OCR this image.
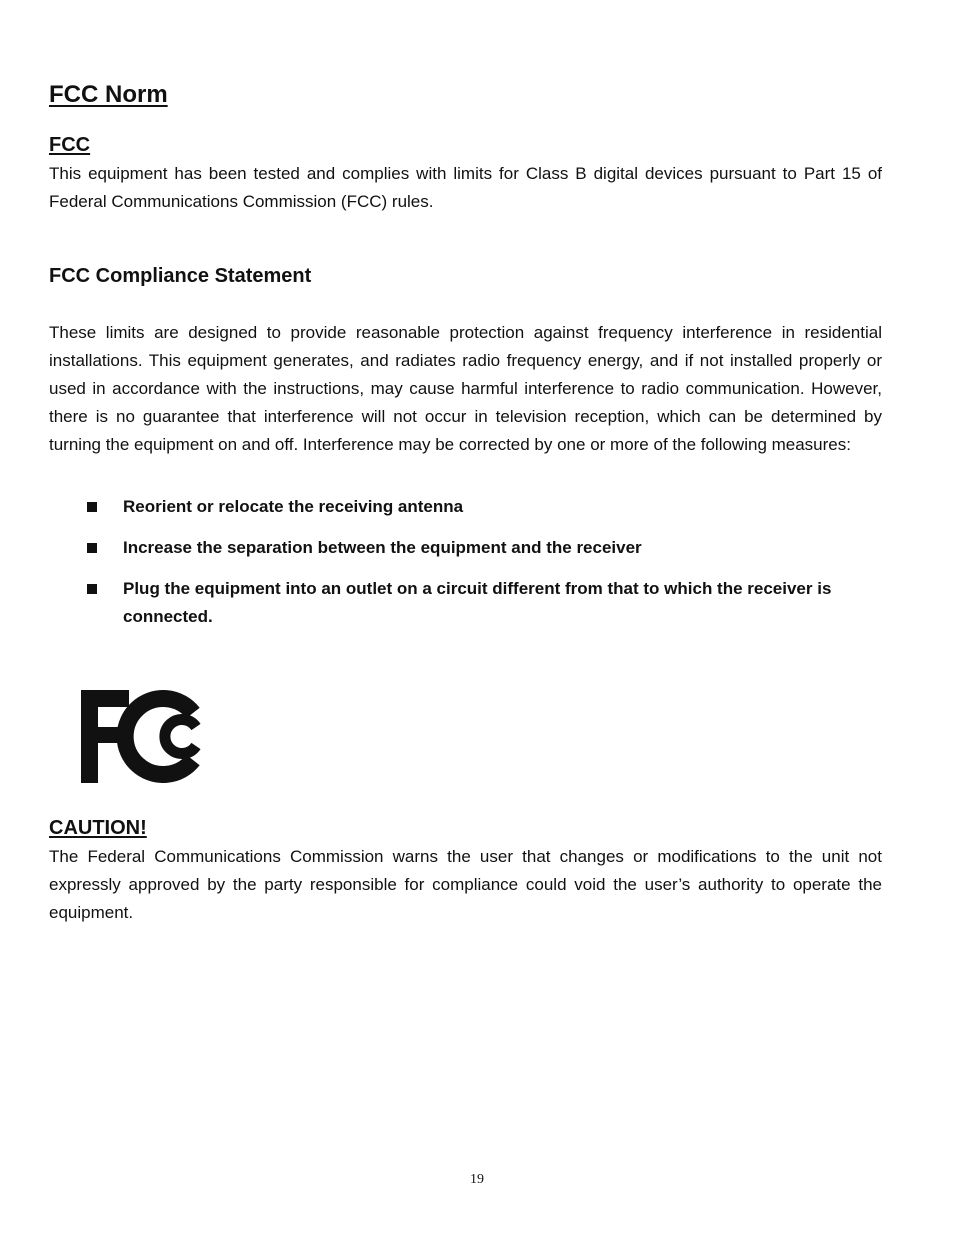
FCC Norm
FCC

This equipment has been tested and complies with limits for Class B digital devices pursuant to Part 15 of Federal Communications Commission (FCC) rules.

FCC Compliance Statement

These limits are designed to provide reasonable protection against frequency interference in residential installations. This equipment generates, and radiates radio frequency energy, and if not installed properly or used in accordance with the instructions, may cause harmful interference to radio communication. However, there is no guarantee that interference will not occur in television reception, which can be determined by turning the equipment on and off. Interference may be corrected by one or more of the following measures:

Reorient or relocate the receiving antenna
Increase the separation between the equipment and the receiver
Plug the equipment into an outlet on a circuit different from that to which the receiver is connected.
CAUTION!

The Federal Communications Commission warns the user that changes or modifications to the unit not expressly approved by the party responsible for compliance could void the user’s authority to operate the equipment.

19
